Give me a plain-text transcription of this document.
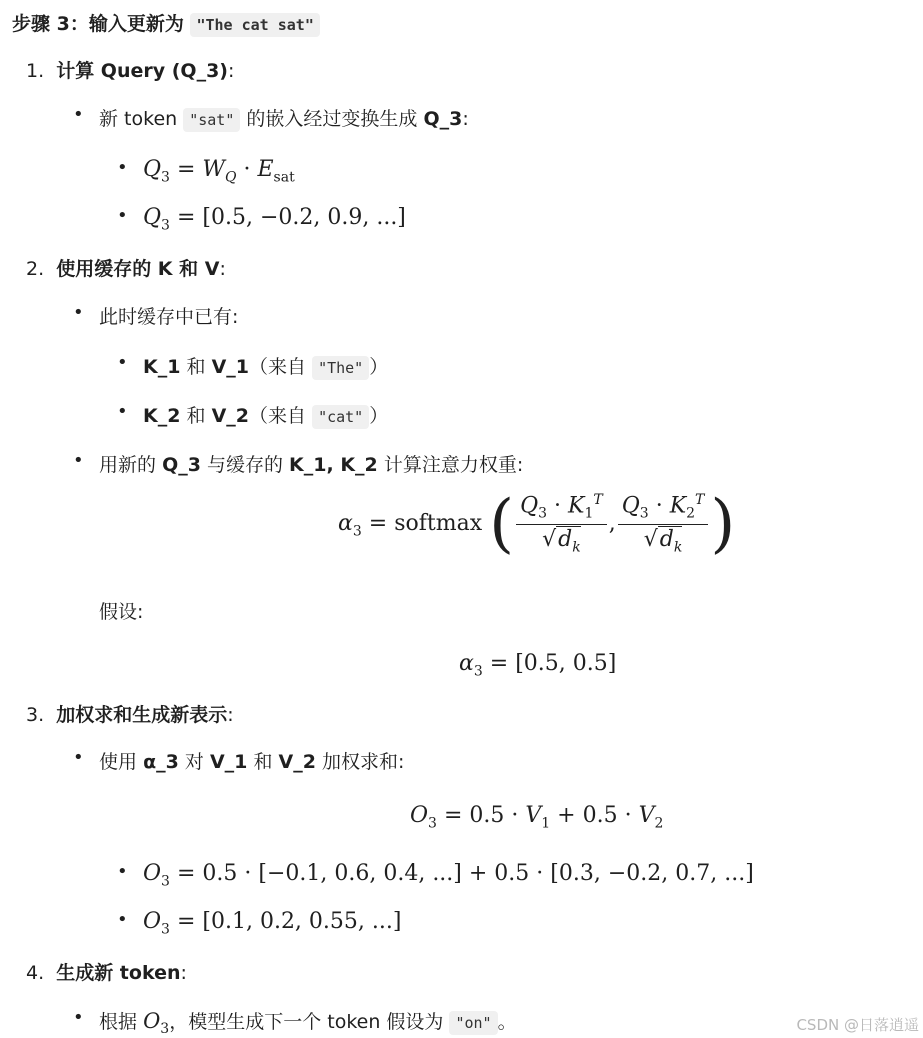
步骤 3：输入更新为 "The cat sat"
1. 计算 Query (Q_3):
• 新 token "sat" 的嵌入经过变换生成 Q_3:
• $Q_3 = W_Q \cdot E_{sat}$
• $Q_3 = [0.5$, −0.2, 0.9, ...]
2. 使用缓存的 K 和 V:
• 此时缓存中已有:
• K_1 和 V_1（来自 "The" ）
• K_2 和 V_2（来自 "cat" ）
• 用新的 Q_3 与缓存的 K_1, K_2 计算注意力权重:
$\alpha_3$ = softmax ( $\frac{Q_3 \cdot K_1^T}{√d_k}$ , $\frac{Q_3 \cdot K_2^T}{√d_k}$ )
假设:
$\alpha_3 = [0.5$, 0.5]
3. 加权求和生成新表示:
• 使用 α_3 对 V_1 和 V_2 加权求和:
$O_3 = 0.5 \cdot V_1 + 0.5 \cdot V_2$
• $O_3 = 0.5 \cdot [-0.1$, 0.6, 0.4, ...] + 0.5 · [0.3, −0.2, 0.7, ...]
• $O_3 = [0.1$, 0.2, 0.55, ...]
4. 生成新 token:
• 根据 $O_3$，模型生成下一个 token 假设为 "on" 。	CSDN @日落逍遥
